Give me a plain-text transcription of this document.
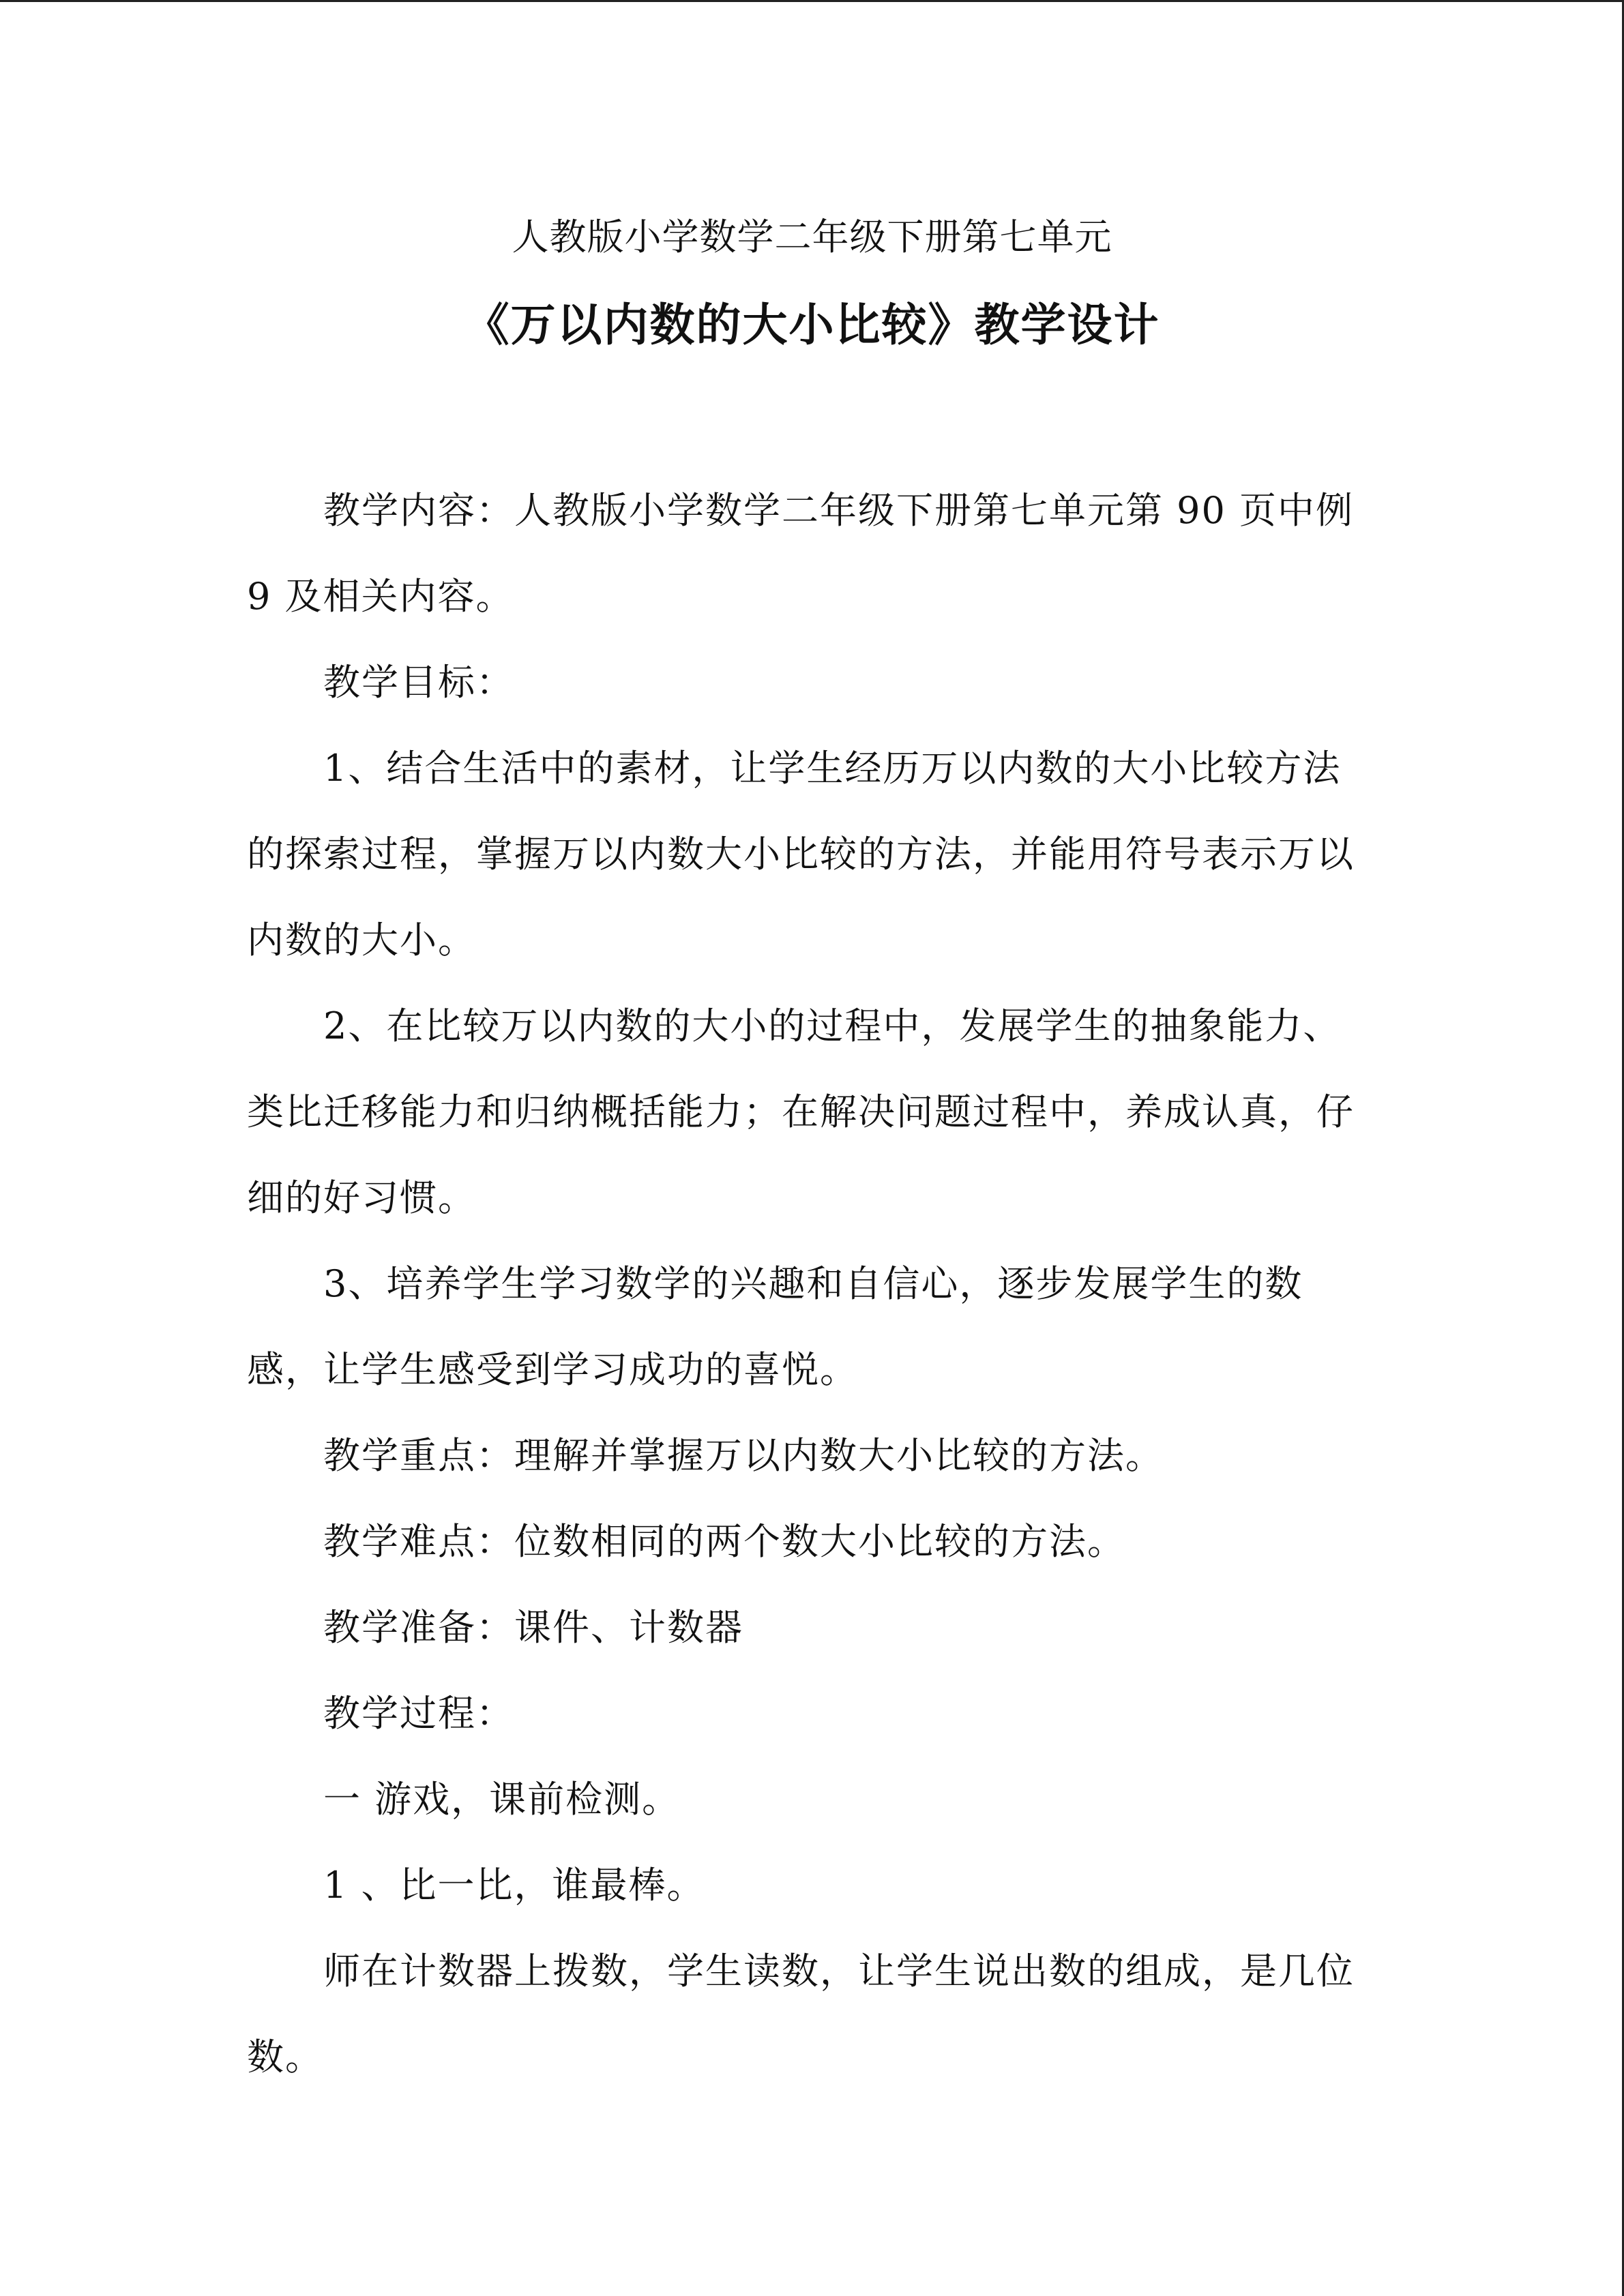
人教版小学数学二年级下册第七单元
《万以内数的大小比较》教学设计

教学内容：人教版小学数学二年级下册第七单元第 90 页中例 9 及相关内容。

教学目标：

1、结合生活中的素材，让学生经历万以内数的大小比较方法的探索过程，掌握万以内数大小比较的方法，并能用符号表示万以内数的大小。

2、在比较万以内数的大小的过程中，发展学生的抽象能力、类比迁移能力和归纳概括能力；在解决问题过程中，养成认真，仔细的好习惯。

3、培养学生学习数学的兴趣和自信心，逐步发展学生的数感，让学生感受到学习成功的喜悦。

教学重点：理解并掌握万以内数大小比较的方法。

教学难点：位数相同的两个数大小比较的方法。

教学准备：课件、计数器

教学过程：

一 游戏，课前检测。

1 、比一比，谁最棒。

师在计数器上拨数，学生读数，让学生说出数的组成，是几位数。
